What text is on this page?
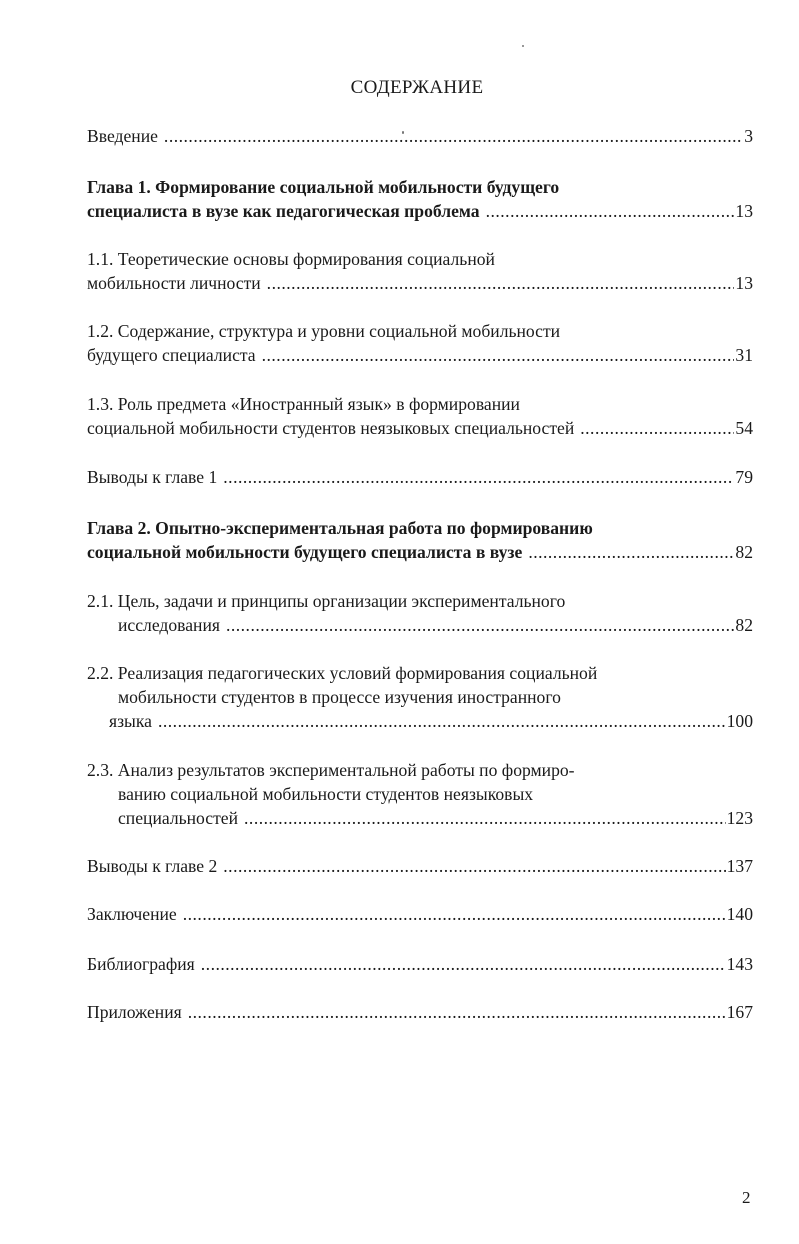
СОДЕРЖАНИЕ
Введение .....	3
Глава 1. Формирование социальной мобильности будущего
специалиста в вузе как педагогическая проблема .....	13
1.1. Теоретические основы формирования социальной
мобильности личности .....	13
1.2. Содержание, структура и уровни социальной мобильности
будущего специалиста .....	31
1.3. Роль предмета «Иностранный язык» в формировании
социальной мобильности студентов неязыковых специальностей .....	54
Выводы к главе 1 .....	79
Глава 2. Опытно-экспериментальная работа по формированию
социальной мобильности будущего специалиста в вузе .....	82
2.1. Цель, задачи и принципы организации экспериментального
исследования .....	82
2.2. Реализация педагогических условий формирования социальной
мобильности студентов в процессе изучения иностранного
языка .....	100
2.3. Анализ результатов экспериментальной работы по формиро-
ванию социальной мобильности студентов неязыковых
специальностей .....	123
Выводы к главе 2 .....	137
Заключение .....	140
Библиография .....	143
Приложения .....	167
2
